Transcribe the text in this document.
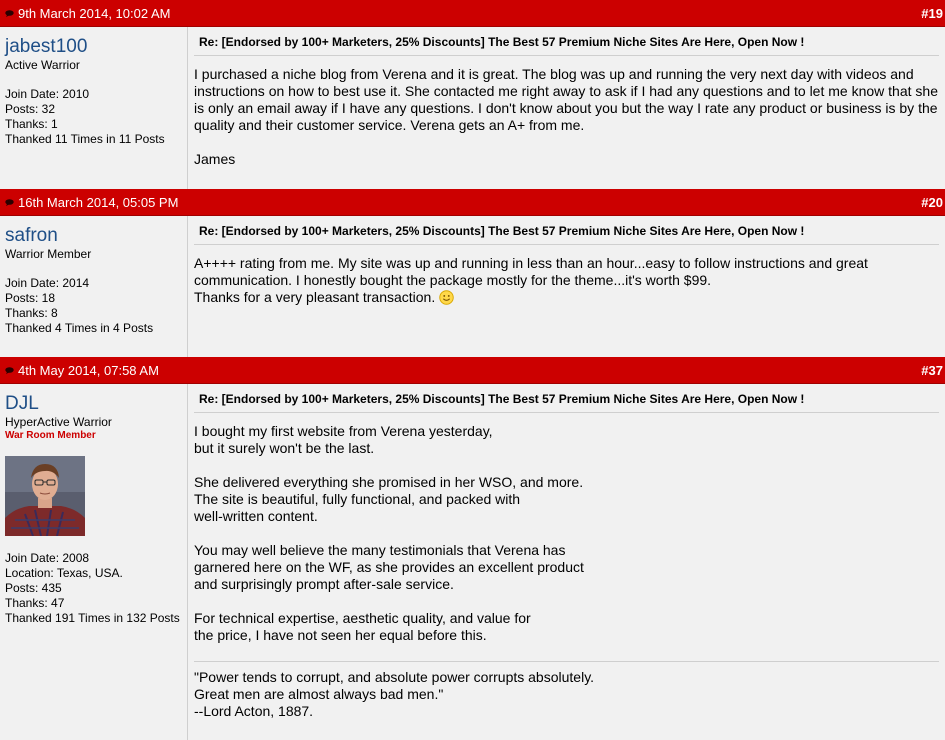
9th March 2014, 10:02 AM	#19
jabest100
Active Warrior
Join Date: 2010
Posts: 32
Thanks: 1
Thanked 11 Times in 11 Posts
Re: [Endorsed by 100+ Marketers, 25% Discounts] The Best 57 Premium Niche Sites Are Here, Open Now !

I purchased a niche blog from Verena and it is great. The blog was up and running the very next day with videos and instructions on how to best use it. She contacted me right away to ask if I had any questions and to let me know that she is only an email away if I have any questions. I don't know about you but the way I rate any product or business is by the quality and their customer service. Verena gets an A+ from me.

James

16th March 2014, 05:05 PM	#20
safron
Warrior Member
Join Date: 2014
Posts: 18
Thanks: 8
Thanked 4 Times in 4 Posts
Re: [Endorsed by 100+ Marketers, 25% Discounts] The Best 57 Premium Niche Sites Are Here, Open Now !
A++++ rating from me. My site was up and running in less than an hour...easy to follow instructions and great communication. I honestly bought the package mostly for the theme...it's worth $99.
Thanks for a very pleasant transaction.
4th May 2014, 07:58 AM	#37
DJL
HyperActive Warrior
War Room Member
Join Date: 2008
Location: Texas, USA.
Posts: 435
Thanks: 47
Thanked 191 Times in 132 Posts
Re: [Endorsed by 100+ Marketers, 25% Discounts] The Best 57 Premium Niche Sites Are Here, Open Now !

I bought my first website from Verena yesterday,
but it surely won't be the last.

She delivered everything she promised in her WSO, and more.
The site is beautiful, fully functional, and packed with
well-written content.

You may well believe the many testimonials that Verena has
garnered here on the WF, as she provides an excellent product
and surprisingly prompt after-sale service.

For technical expertise, aesthetic quality, and value for
the price, I have not seen her equal before this.

"Power tends to corrupt, and absolute power corrupts absolutely.
Great men are almost always bad men."
--Lord Acton, 1887.
